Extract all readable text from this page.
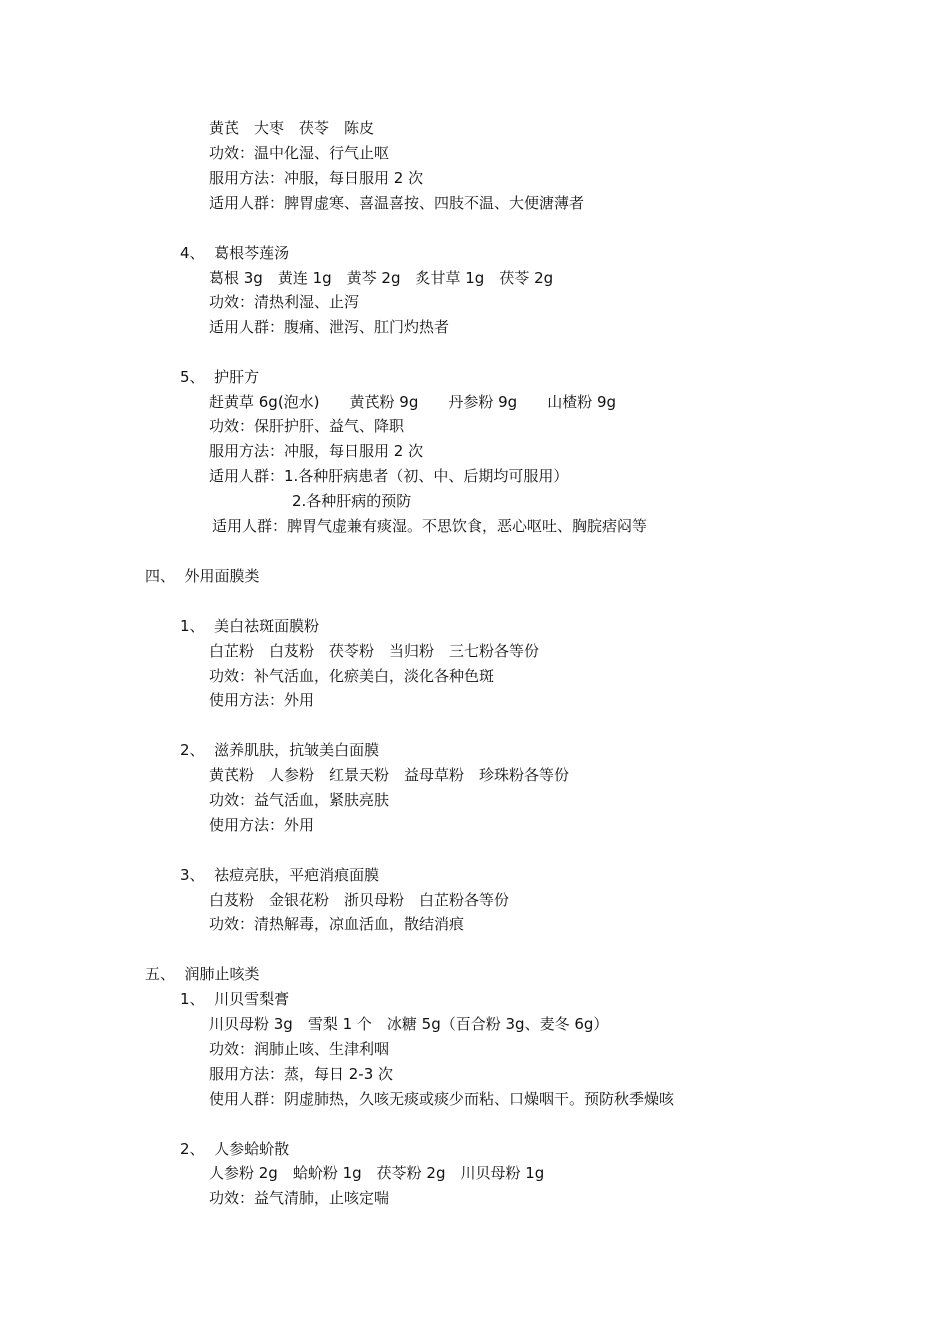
黄芪　大枣　茯苓　陈皮
功效：温中化湿、行气止呕
服用方法：冲服，每日服用 2 次
适用人群：脾胃虚寒、喜温喜按、四肢不温、大便溏薄者
4、  葛根芩莲汤
葛根 3g　黄连 1g　黄芩 2g　炙甘草 1g　茯苓 2g
功效：清热利湿、止泻
适用人群：腹痛、泄泻、肛门灼热者
5、  护肝方
赶黄草 6g(泡水)　　黄芪粉 9g　　丹参粉 9g　　山楂粉 9g
功效：保肝护肝、益气、降职
服用方法：冲服，每日服用 2 次
适用人群：1.各种肝病患者（初、中、后期均可服用）
2.各种肝病的预防
适用人群：脾胃气虚兼有痰湿。不思饮食，恶心呕吐、胸脘痞闷等
四、  外用面膜类
1、  美白祛斑面膜粉
白芷粉　白芨粉　茯苓粉　当归粉　三七粉各等份
功效：补气活血，化瘀美白，淡化各种色斑
使用方法：外用
2、  滋养肌肤，抗皱美白面膜
黄芪粉　人参粉　红景天粉　益母草粉　珍珠粉各等份
功效：益气活血，紧肤亮肤
使用方法：外用
3、  祛痘亮肤，平疤消痕面膜
白芨粉　金银花粉　浙贝母粉　白芷粉各等份
功效：清热解毒，凉血活血，散结消痕
五、  润肺止咳类
1、  川贝雪梨膏
川贝母粉 3g　雪梨 1 个　冰糖 5g（百合粉 3g、麦冬 6g）
功效：润肺止咳、生津利咽
服用方法：蒸，每日 2-3 次
使用人群：阴虚肺热，久咳无痰或痰少而粘、口燥咽干。预防秋季燥咳
2、  人参蛤蚧散
人参粉 2g　蛤蚧粉 1g　茯苓粉 2g　川贝母粉 1g
功效：益气清肺，止咳定喘
